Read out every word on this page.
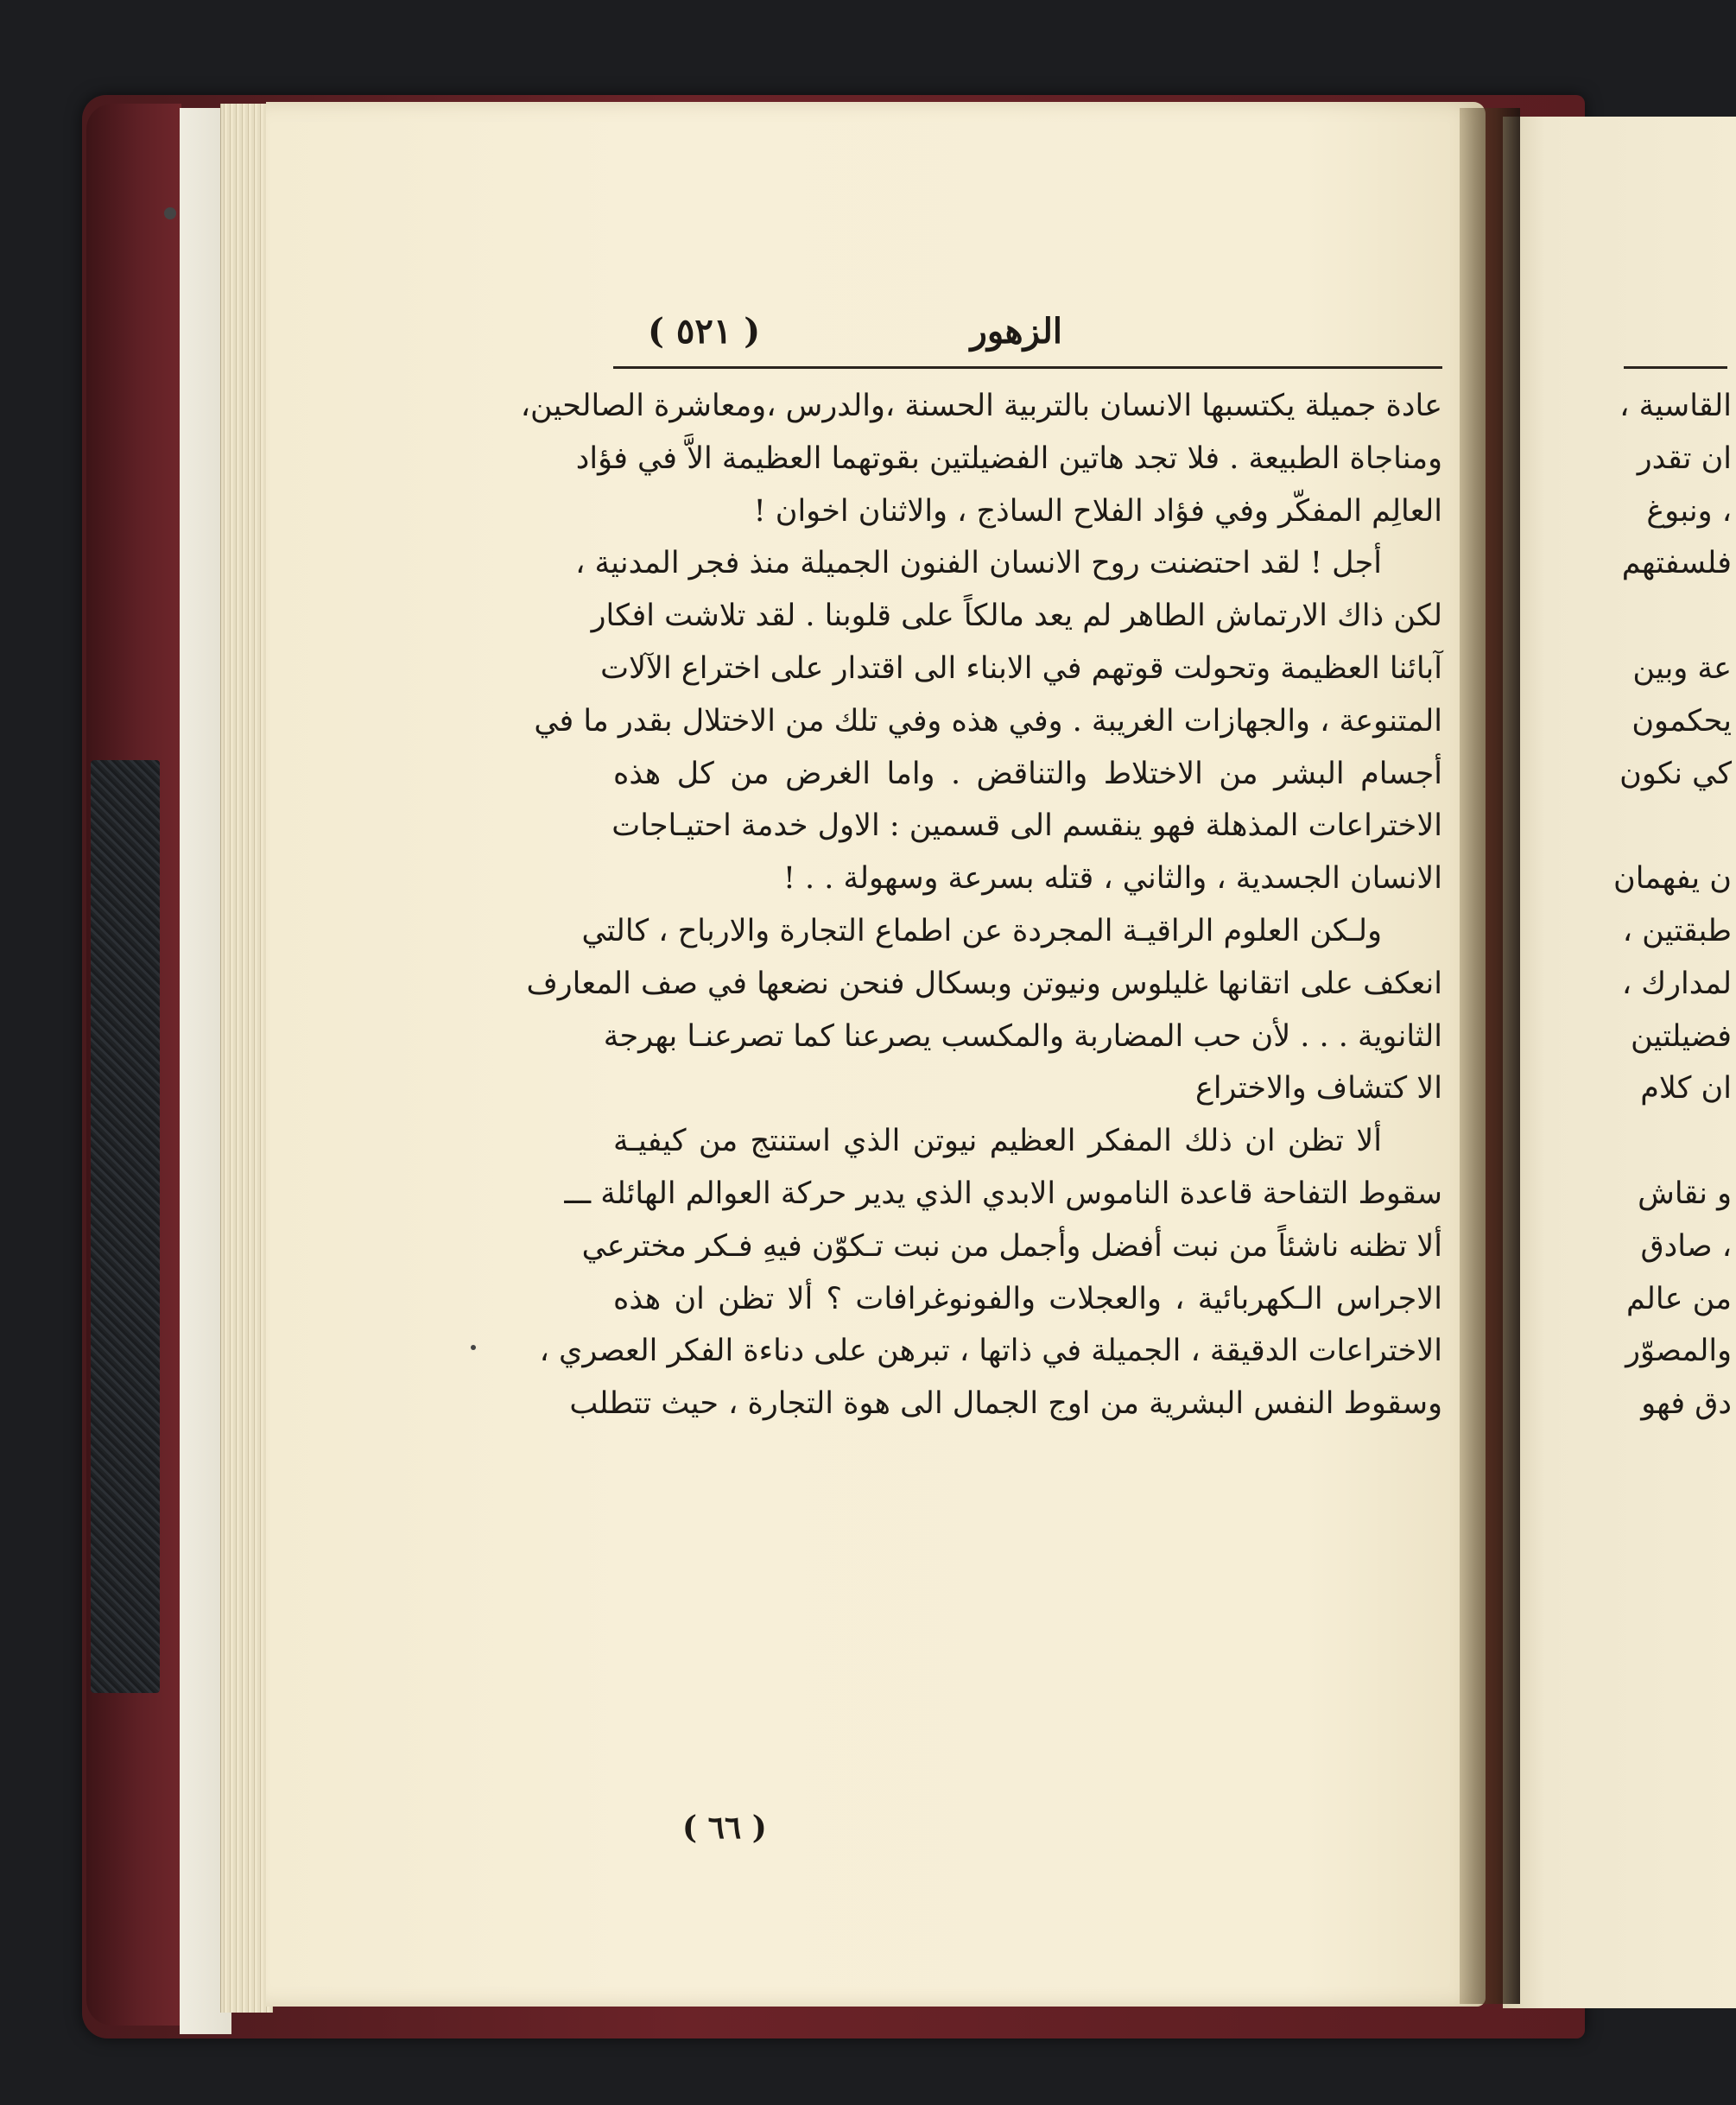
الزهور
( ٥٢١ )
عادة جميلة يكتسبها الانسان بالتربية الحسنة ،والدرس ،ومعاشرة الصالحين،
ومناجاة الطبيعة . فلا تجد هاتين الفضيلتين بقوتهما العظيمة الاَّ في فؤاد
العالِم المفكّر وفي فؤاد الفلاح الساذج ، والاثنان اخوان !
أجل ! لقد احتضنت روح الانسان الفنون الجميلة منذ فجر المدنية ،
لكن ذاك الارتماش الطاهر لم يعد مالكاً على قلوبنا . لقد تلاشت افكار
آبائنا العظيمة وتحولت قوتهم في الابناء الى اقتدار على اختراع الآلات
المتنوعة ، والجهازات الغريبة . وفي هذه وفي تلك من الاختلال بقدر ما في
أجسام البشر من الاختلاط والتناقض . واما الغرض من كل هذه
الاختراعات المذهلة فهو ينقسم الى قسمين : الاول خدمة احتيـاجات
الانسان الجسدية ، والثاني ، قتله بسرعة وسهولة . . !
ولـكن العلوم الراقيـة المجردة عن اطماع التجارة والارباح ، كالتي
انعكف على اتقانها غليلوس ونيوتن وبسكال فنحن نضعها في صف المعارف
الثانوية . . . لأن حب المضاربة والمكسب يصرعنا كما تصرعنـا بهرجة
الا كتشاف والاختراع
ألا تظن ان ذلك المفكر العظيم نيوتن الذي استنتج من كيفيـة
سقوط التفاحة قاعدة الناموس الابدي الذي يدير حركة العوالم الهائلة ـــ
ألا تظنه ناشئاً من نبت أفضل وأجمل من نبت تـكوّن فيهِ فـكر مخترعي
الاجراس الـكهربائية ، والعجلات والفونوغرافات ؟ ألا تظن ان هذه
الاختراعات الدقيقة ، الجميلة في ذاتها ، تبرهن على دناءة الفكر العصري ،
وسقوط النفس البشرية من اوج الجمال الى هوة التجارة ، حيث تتطلب
( ٦٦ )
القاسية ،
ان تقدر
، ونبوغ
فلسفتهم
عة وبين
يحكمون
كي نكون
ن يفهمان
طبقتين ،
لمدارك ،
فضيلتين
ان كلام
و نقاش
، صادق
من عالم
والمصوّر
دق فهو
